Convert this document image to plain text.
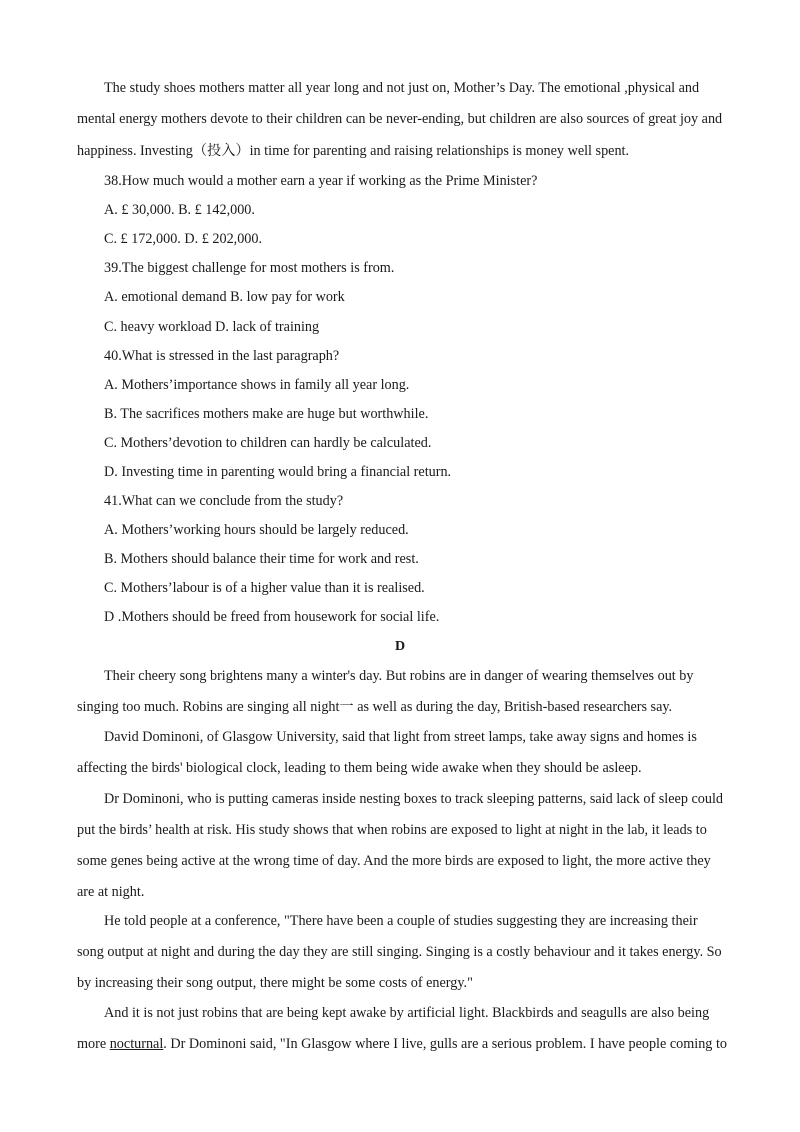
The study shoes mothers matter all year long and not just on, Mother’s Day. The emotional ,physical and
mental energy mothers devote to their children can be never-ending, but children are also sources of great joy and
happiness. Investing（投入）in time for parenting and raising relationships is money well spent.
38.How much would a mother earn a year if working as the Prime Minister?
A. £ 30,000. B. £ 142,000.
C. £ 172,000. D. £ 202,000.
39.The biggest challenge for most mothers is from.
A. emotional demand B. low pay for work
C. heavy workload D. lack of training
40.What is stressed in the last paragraph?
A. Mothers’importance shows in family all year long.
B. The sacrifices mothers make are huge but worthwhile.
C. Mothers’devotion to children can hardly be calculated.
D. Investing time in parenting would bring a financial return.
41.What can we conclude from the study?
A. Mothers’working hours should be largely reduced.
B. Mothers should balance their time for work and rest.
C. Mothers’labour is of a higher value than it is realised.
D .Mothers should be freed from housework for social life.
D
Their cheery song brightens many a winter's day. But robins are in danger of wearing themselves out by
singing too much. Robins are singing all night一 as well as during the day, British-based researchers say.
David Dominoni, of Glasgow University, said that light from street lamps, take away signs and homes is
affecting the birds' biological clock, leading to them being wide awake when they should be asleep.
Dr Dominoni, who is putting cameras inside nesting boxes to track sleeping patterns, said lack of sleep could
put the birds’ health at risk. His study shows that when robins are exposed to light at night in the lab, it leads to
some genes being active at the wrong time of day. And the more birds are exposed to light, the more active they
are at night.
He told people at a conference, "There have been a couple of studies suggesting they are increasing their
song output at night and during the day they are still singing. Singing is a costly behaviour and it takes energy. So
by increasing their song output, there might be some costs of energy."
And it is not just robins that are being kept awake by artificial light. Blackbirds and seagulls are also being
more nocturnal. Dr Dominoni said, "In Glasgow where I live, gulls are a serious problem. I have people coming to
